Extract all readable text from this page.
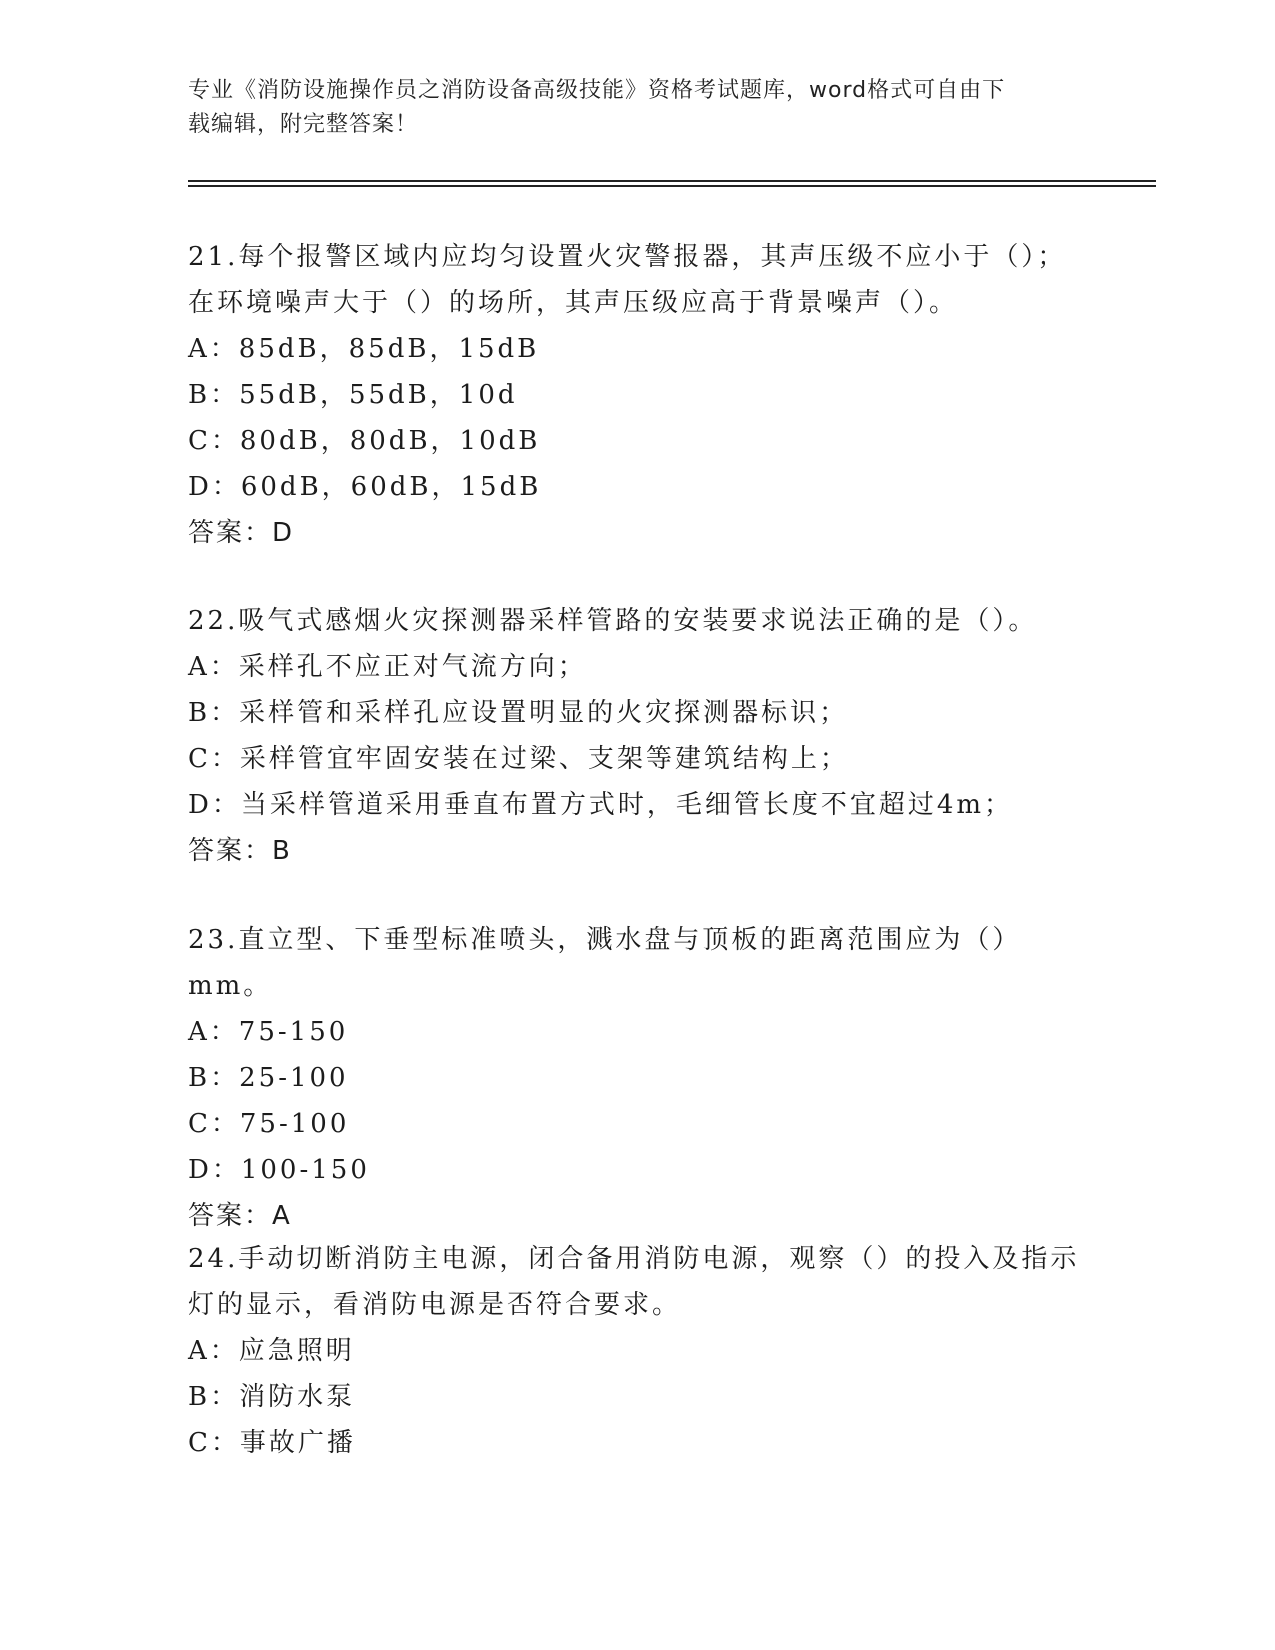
专业《消防设施操作员之消防设备高级技能》资格考试题库，word格式可自由下
载编辑，附完整答案！

21.每个报警区域内应均匀设置火灾警报器，其声压级不应小于（）；

在环境噪声大于（）的场所，其声压级应高于背景噪声（）。

A：85dB，85dB，15dB

B：55dB，55dB，10d

C：80dB，80dB，10dB

D：60dB，60dB，15dB

答案：D

22.吸气式感烟火灾探测器采样管路的安装要求说法正确的是（）。

A：采样孔不应正对气流方向；

B：采样管和采样孔应设置明显的火灾探测器标识；

C：采样管宜牢固安装在过梁、支架等建筑结构上；

D：当采样管道采用垂直布置方式时，毛细管长度不宜超过4m；

答案：B

23.直立型、下垂型标准喷头，溅水盘与顶板的距离范围应为（）mm。

A：75-150

B：25-100

C：75-100

D：100-150

答案：A

24.手动切断消防主电源，闭合备用消防电源，观察（）的投入及指示

灯的显示，看消防电源是否符合要求。

A：应急照明

B：消防水泵

C：事故广播
